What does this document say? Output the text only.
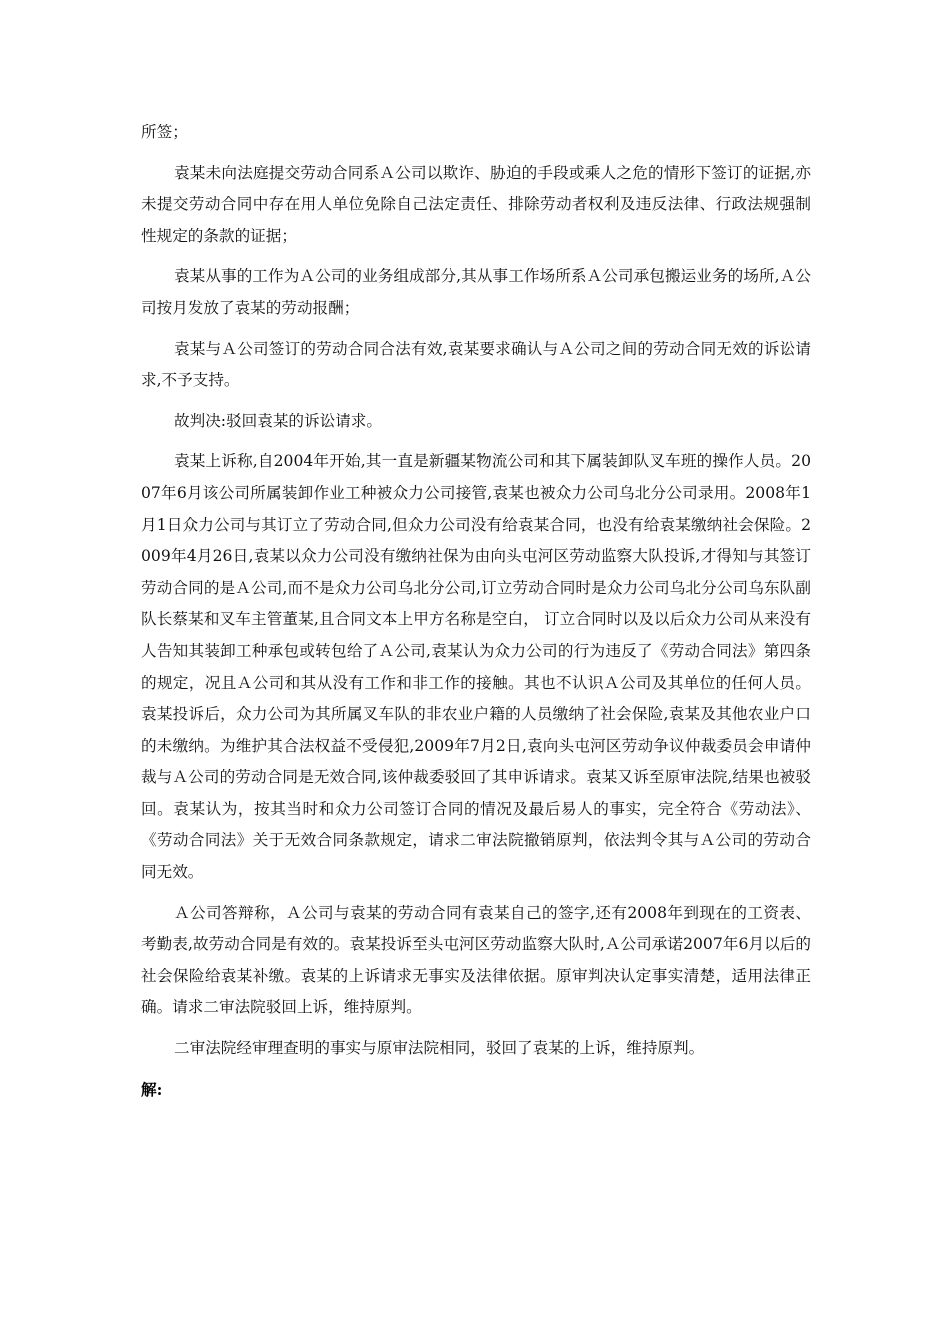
所签；

袁某未向法庭提交劳动合同系Ａ公司以欺诈、胁迫的手段或乘人之危的情形下签订的证据,亦未提交劳动合同中存在用人单位免除自己法定责任、排除劳动者权利及违反法律、行政法规强制性规定的条款的证据；

袁某从事的工作为Ａ公司的业务组成部分,其从事工作场所系Ａ公司承包搬运业务的场所,Ａ公司按月发放了袁某的劳动报酬；

袁某与Ａ公司签订的劳动合同合法有效,袁某要求确认与Ａ公司之间的劳动合同无效的诉讼请求,不予支持。

故判决:驳回袁某的诉讼请求。

袁某上诉称,自2004年开始,其一直是新疆某物流公司和其下属装卸队叉车班的操作人员。2007年6月该公司所属装卸作业工种被众力公司接管,袁某也被众力公司乌北分公司录用。2008年1月1日众力公司与其订立了劳动合同,但众力公司没有给袁某合同，也没有给袁某缴纳社会保险。2009年4月26日,袁某以众力公司没有缴纳社保为由向头屯河区劳动监察大队投诉,才得知与其签订劳动合同的是Ａ公司,而不是众力公司乌北分公司,订立劳动合同时是众力公司乌北分公司乌东队副队长蔡某和叉车主管董某,且合同文本上甲方名称是空白， 订立合同时以及以后众力公司从来没有人告知其装卸工种承包或转包给了Ａ公司,袁某认为众力公司的行为违反了《劳动合同法》第四条的规定，况且Ａ公司和其从没有工作和非工作的接触。其也不认识Ａ公司及其单位的任何人员。袁某投诉后，众力公司为其所属叉车队的非农业户籍的人员缴纳了社会保险,袁某及其他农业户口的未缴纳。为维护其合法权益不受侵犯,2009年7月2日,袁向头屯河区劳动争议仲裁委员会申请仲裁与Ａ公司的劳动合同是无效合同,该仲裁委驳回了其申诉请求。袁某又诉至原审法院,结果也被驳回。袁某认为，按其当时和众力公司签订合同的情况及最后易人的事实，完全符合《劳动法》、《劳动合同法》关于无效合同条款规定，请求二审法院撤销原判，依法判令其与Ａ公司的劳动合同无效。

Ａ公司答辩称，Ａ公司与袁某的劳动合同有袁某自己的签字,还有2008年到现在的工资表、考勤表,故劳动合同是有效的。袁某投诉至头屯河区劳动监察大队时,Ａ公司承诺2007年6月以后的社会保险给袁某补缴。袁某的上诉请求无事实及法律依据。原审判决认定事实清楚，适用法律正确。请求二审法院驳回上诉，维持原判。

二审法院经审理查明的事实与原审法院相同，驳回了袁某的上诉，维持原判。

解:
